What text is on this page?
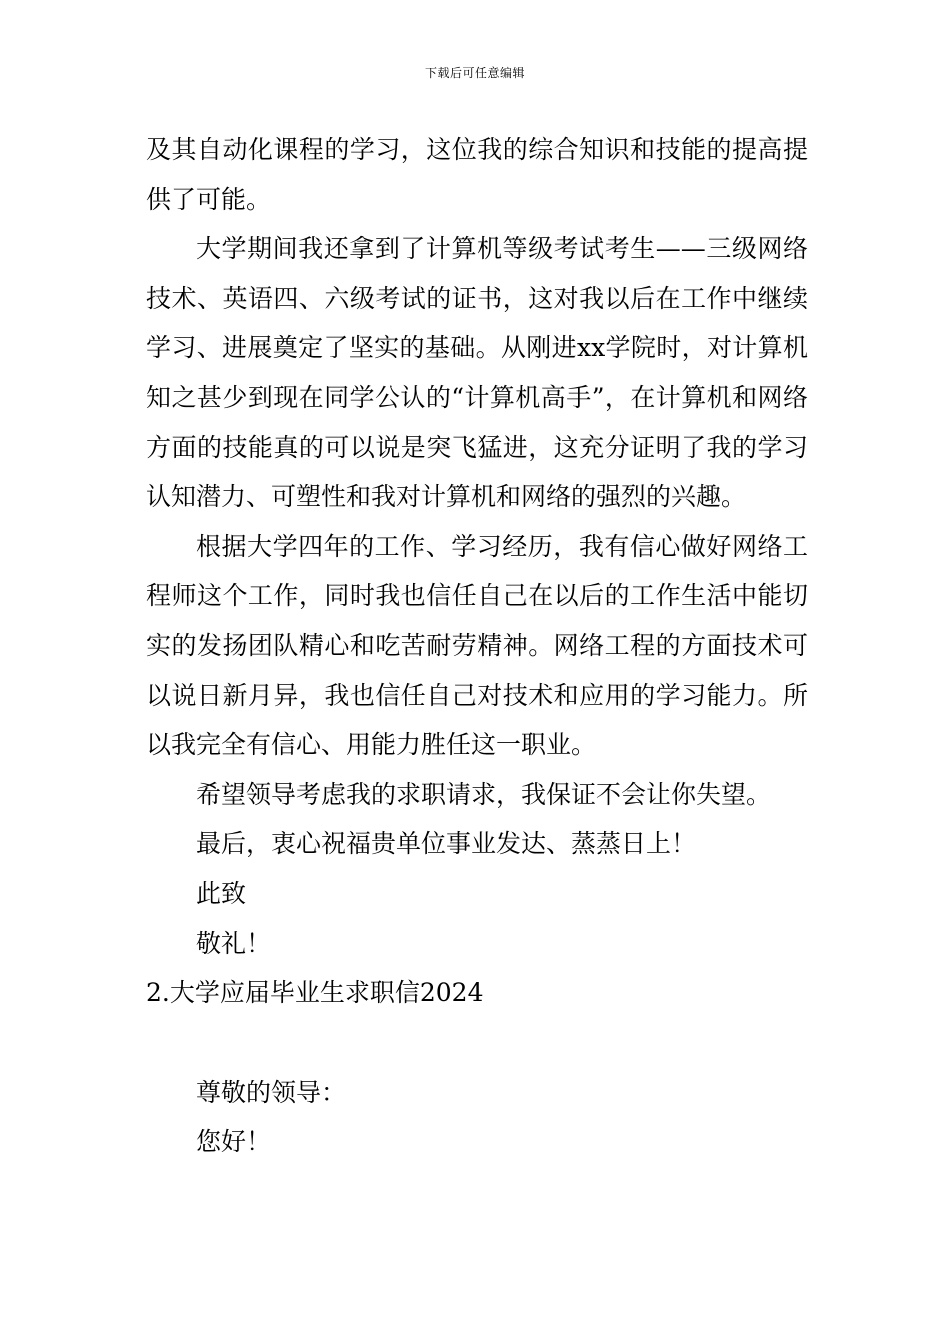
下载后可任意编辑

及其自动化课程的学习，这位我的综合知识和技能的提高提供了可能。

大学期间我还拿到了计算机等级考试考生——三级网络技术、英语四、六级考试的证书，这对我以后在工作中继续学习、进展奠定了坚实的基础。从刚进xx学院时，对计算机知之甚少到现在同学公认的“计算机高手”，在计算机和网络方面的技能真的可以说是突飞猛进，这充分证明了我的学习认知潜力、可塑性和我对计算机和网络的强烈的兴趣。

根据大学四年的工作、学习经历，我有信心做好网络工程师这个工作，同时我也信任自己在以后的工作生活中能切实的发扬团队精心和吃苦耐劳精神。网络工程的方面技术可以说日新月异，我也信任自己对技术和应用的学习能力。所以我完全有信心、用能力胜任这一职业。

希望领导考虑我的求职请求，我保证不会让你失望。

最后，衷心祝福贵单位事业发达、蒸蒸日上！

此致

敬礼！

2.大学应届毕业生求职信2024

尊敬的领导：

您好！
